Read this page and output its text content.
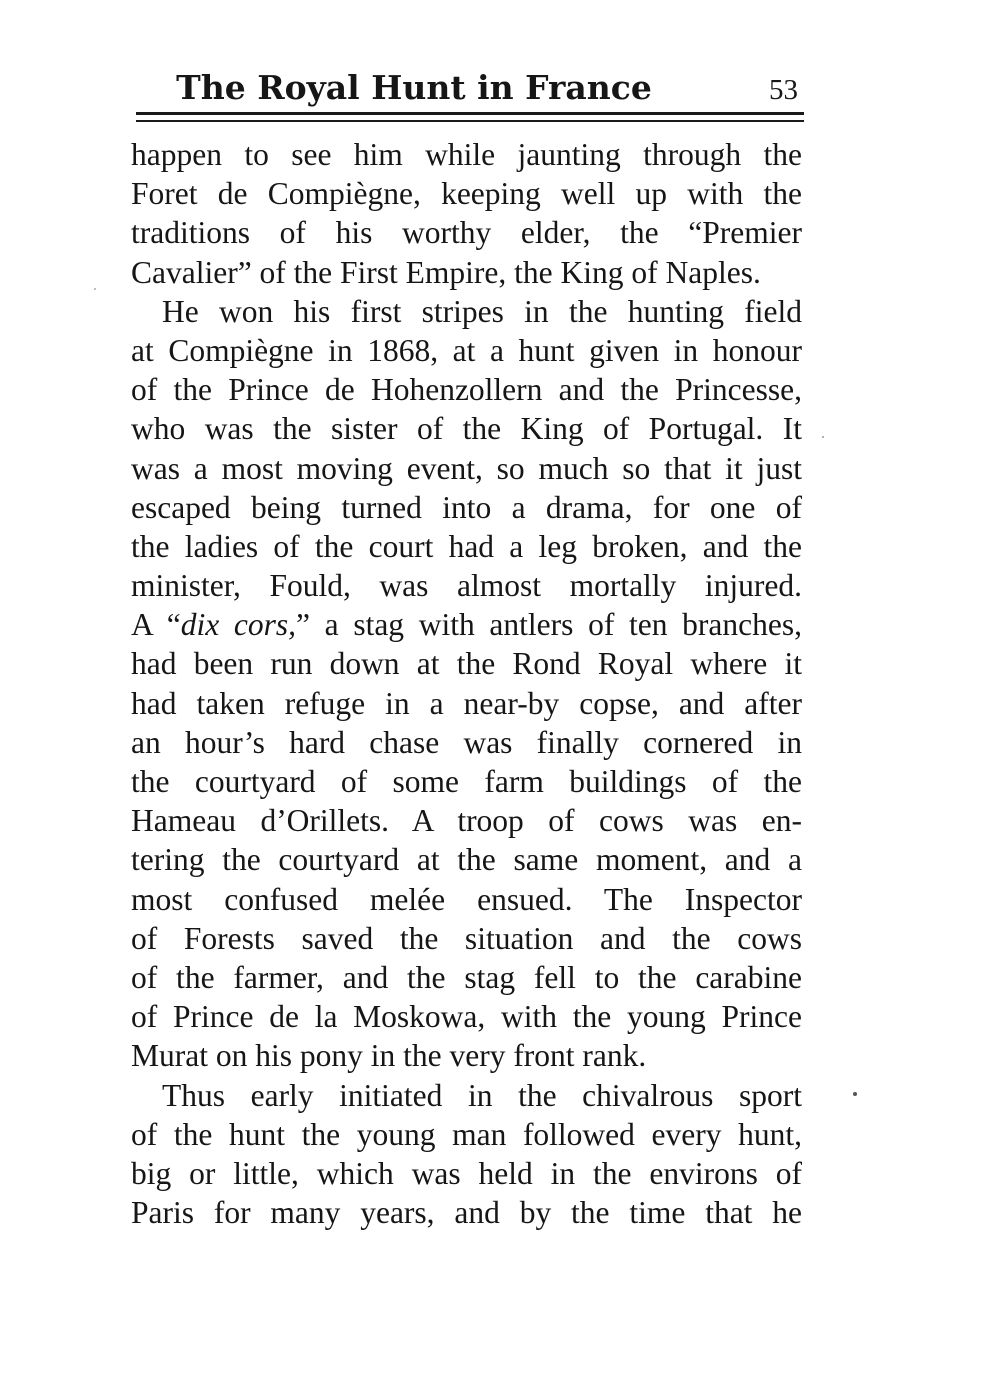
The Royal Hunt in France	53
happen to see him while jaunting through the
Foret de Compiègne, keeping well up with the
traditions of his worthy elder, the “Premier
Cavalier” of the First Empire, the King of Naples.
He won his first stripes in the hunting field
at Compiègne in 1868, at a hunt given in honour
of the Prince de Hohenzollern and the Princesse,
who was the sister of the King of Portugal. It
was a most moving event, so much so that it just
escaped being turned into a drama, for one of
the ladies of the court had a leg broken, and the
minister, Fould, was almost mortally injured.
A “dix cors,” a stag with antlers of ten branches,
had been run down at the Rond Royal where it
had taken refuge in a near-by copse, and after
an hour’s hard chase was finally cornered in
the courtyard of some farm buildings of the
Hameau d’Orillets. A troop of cows was en-
tering the courtyard at the same moment, and a
most confused melée ensued. The Inspector
of Forests saved the situation and the cows
of the farmer, and the stag fell to the carabine
of Prince de la Moskowa, with the young Prince
Murat on his pony in the very front rank.
Thus early initiated in the chivalrous sport
of the hunt the young man followed every hunt,
big or little, which was held in the environs of
Paris for many years, and by the time that he
